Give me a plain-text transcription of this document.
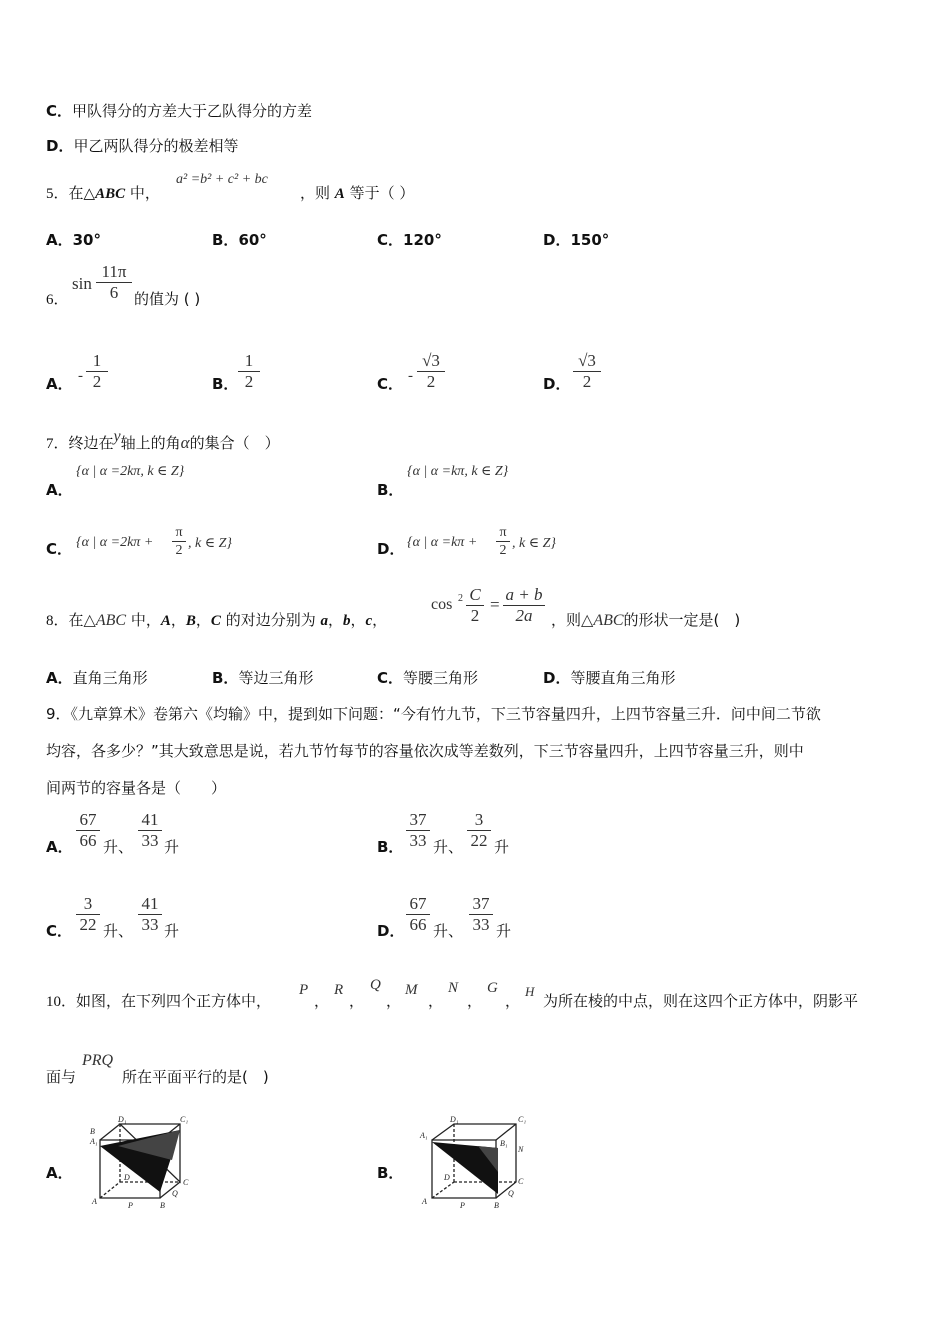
C．甲队得分的方差大于乙队得分的方差
D．甲乙两队得分的极差相等
5．在△ABC 中，
a² =b² + c² + bc
，则 A 等于（ ）
A．30°	B．60°	C．120°	D．150°
6．
$\sin \frac{11\pi}{6}$ 的值为 ( )
A． - $\frac{1}{2}$	B． $\frac{1}{2}$	C． - $\frac{√3}{2}$	D． $\frac{√3}{2}$
7．终边在y轴上的角α的集合（　）
A．
{α | α =2kπ, k ∈ Z}
B．
{α | α =kπ, k ∈ Z}
C． {α | $\alpha =2k\pi + \frac{\pi}{2}$ , k ∈ Z}	D． {α | $\alpha =k\pi + \frac{\pi}{2}$ , k ∈ Z}
8．在△ABC 中，A，B，C 的对边分别为 a，b，c，
$\cos 2 \frac{C}{2} = \frac{a + b}{2a}$ ，则△ABC的形状一定是(　)
A．直角三角形	B．等边三角形	C．等腰三角形	D．等腰直角三角形
9．《九章算术》卷第六《均输》中，提到如下问题：“今有竹九节，下三节容量四升，上四节容量三升．问中间二节欲
均容，各多少？”其大致意思是说，若九节竹每节的容量依次成等差数列，下三节容量四升，上四节容量三升，则中
间两节的容量各是（　　）
A． $\frac{67}{66}$ 升、 $\frac{41}{33}$ 升	B． $\frac{37}{33}$ 升、 $\frac{3}{22}$ 升
C． $\frac{3}{22}$ 升、 $\frac{41}{33}$ 升	D． $\frac{67}{66}$ 升、 $\frac{37}{33}$ 升
10．如图，在下列四个正方体中，
P
，
R
，
Q
，
M
，
N
，
G
，
H
为所在棱的中点，则在这四个正方体中，阴影平
面与
PRQ
所在平面平行的是(　)
A．	B．
D₁	C₁
A₁
B
D
C
A	P	B
Q
D₁
A₁
B₁
C₁
N
D	C
A	P	B
Q
